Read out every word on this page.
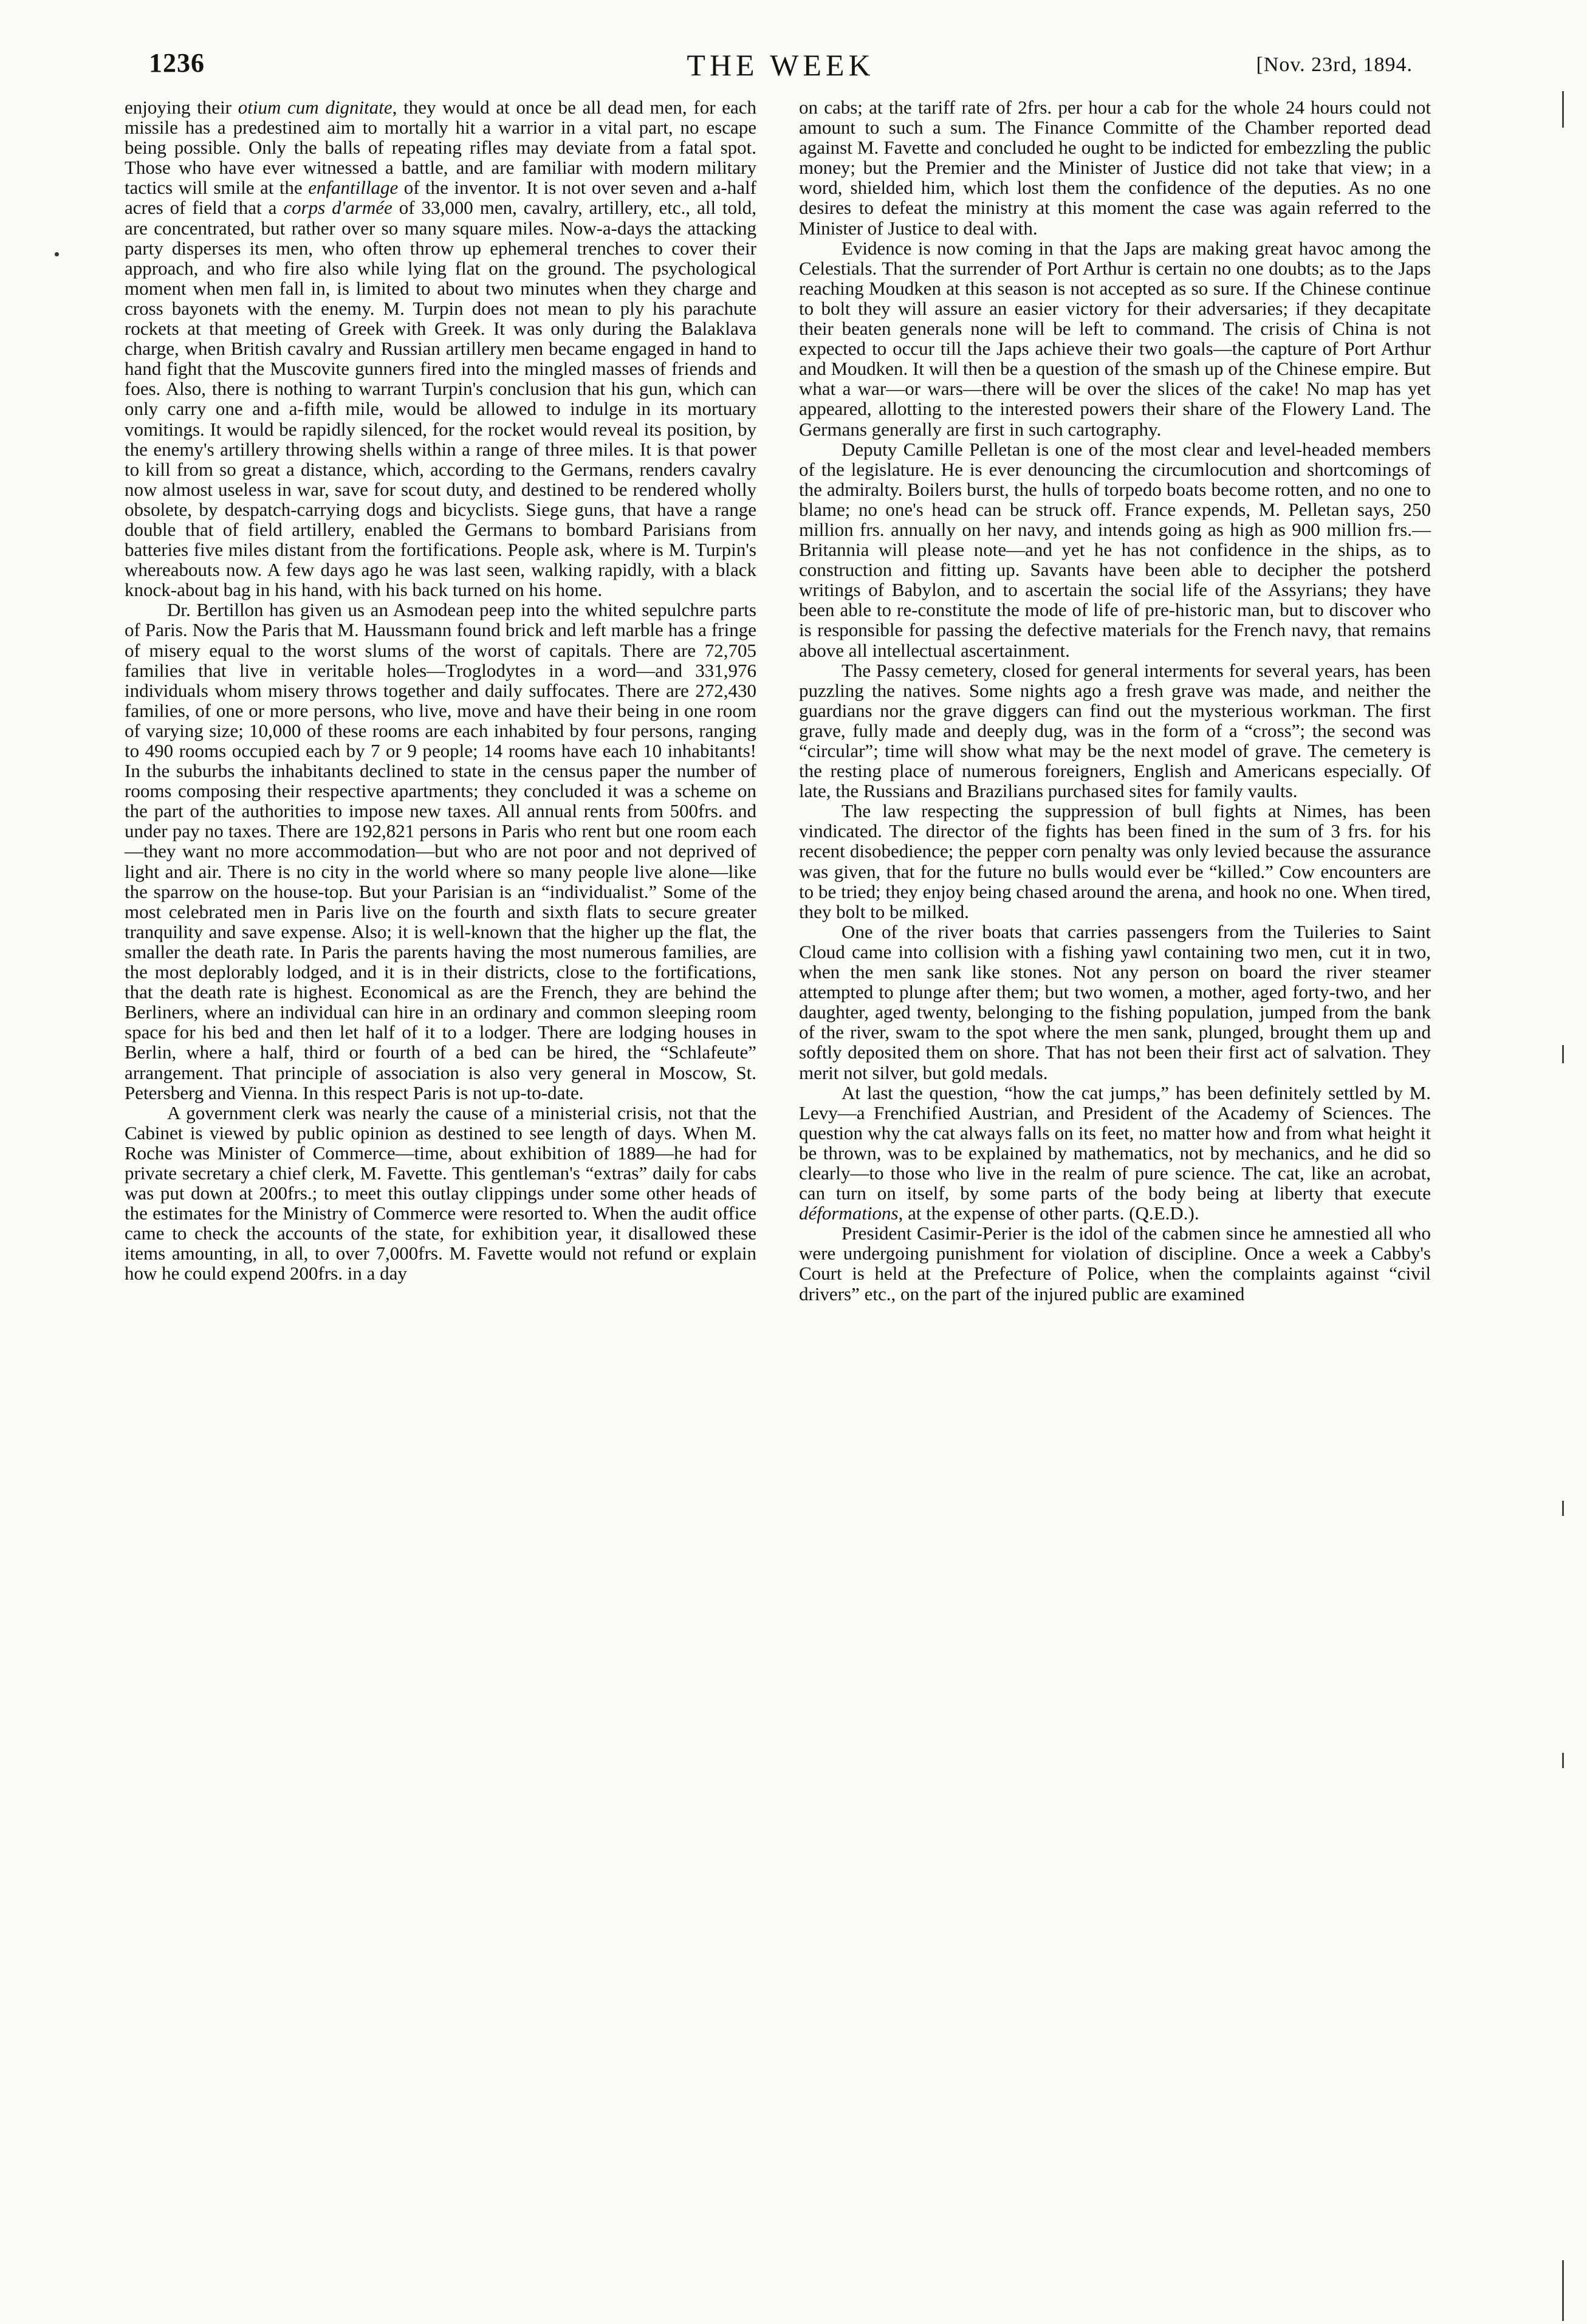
1236	THE WEEK	[Nov. 23rd, 1894.

enjoying their otium cum dignitate, they would at once be all dead men, for each missile has a predestined aim to mortally hit a warrior in a vital part, no escape being possible. Only the balls of repeating rifles may deviate from a fatal spot. Those who have ever witnessed a battle, and are familiar with modern military tactics will smile at the enfantillage of the inventor. It is not over seven and a-half acres of field that a corps d'armée of 33,000 men, cavalry, artillery, etc., all told, are concentrated, but rather over so many square miles. Now-a-days the attacking party disperses its men, who often throw up ephemeral trenches to cover their approach, and who fire also while lying flat on the ground. The psychological moment when men fall in, is limited to about two minutes when they charge and cross bayonets with the enemy. M. Turpin does not mean to ply his parachute rockets at that meeting of Greek with Greek. It was only during the Balaklava charge, when British cavalry and Russian artillery men became engaged in hand to hand fight that the Muscovite gunners fired into the mingled masses of friends and foes. Also, there is nothing to warrant Turpin's conclusion that his gun, which can only carry one and a-fifth mile, would be allowed to indulge in its mortuary vomitings. It would be rapidly silenced, for the rocket would reveal its position, by the enemy's artillery throwing shells within a range of three miles. It is that power to kill from so great a distance, which, according to the Germans, renders cavalry now almost useless in war, save for scout duty, and destined to be rendered wholly obsolete, by despatch-carrying dogs and bicyclists. Siege guns, that have a range double that of field artillery, enabled the Germans to bombard Parisians from batteries five miles distant from the fortifications. People ask, where is M. Turpin's whereabouts now. A few days ago he was last seen, walking rapidly, with a black knock-about bag in his hand, with his back turned on his home.

Dr. Bertillon has given us an Asmodean peep into the whited sepulchre parts of Paris. Now the Paris that M. Haussmann found brick and left marble has a fringe of misery equal to the worst slums of the worst of capitals. There are 72,705 families that live in veritable holes—Troglodytes in a word—and 331,976 individuals whom misery throws together and daily suffocates. There are 272,430 families, of one or more persons, who live, move and have their being in one room of varying size; 10,000 of these rooms are each inhabited by four persons, ranging to 490 rooms occupied each by 7 or 9 people; 14 rooms have each 10 inhabitants! In the suburbs the inhabitants declined to state in the census paper the number of rooms composing their respective apartments; they concluded it was a scheme on the part of the authorities to impose new taxes. All annual rents from 500frs. and under pay no taxes. There are 192,821 persons in Paris who rent but one room each—they want no more accommodation—but who are not poor and not deprived of light and air. There is no city in the world where so many people live alone—like the sparrow on the house-top. But your Parisian is an “individualist.” Some of the most celebrated men in Paris live on the fourth and sixth flats to secure greater tranquility and save expense. Also; it is well-known that the higher up the flat, the smaller the death rate. In Paris the parents having the most numerous families, are the most deplorably lodged, and it is in their districts, close to the fortifications, that the death rate is highest. Economical as are the French, they are behind the Berliners, where an individual can hire in an ordinary and common sleeping room space for his bed and then let half of it to a lodger. There are lodging houses in Berlin, where a half, third or fourth of a bed can be hired, the “Schlafeute” arrangement. That principle of association is also very general in Moscow, St. Petersberg and Vienna. In this respect Paris is not up-to-date.

A government clerk was nearly the cause of a ministerial crisis, not that the Cabinet is viewed by public opinion as destined to see length of days. When M. Roche was Minister of Commerce—time, about exhibition of 1889—he had for private secretary a chief clerk, M. Favette. This gentleman's “extras” daily for cabs was put down at 200frs.; to meet this outlay clippings under some other heads of the estimates for the Ministry of Commerce were resorted to. When the audit office came to check the accounts of the state, for exhibition year, it disallowed these items amounting, in all, to over 7,000frs. M. Favette would not refund or explain how he could expend 200frs. in a day

on cabs; at the tariff rate of 2frs. per hour a cab for the whole 24 hours could not amount to such a sum. The Finance Committe of the Chamber reported dead against M. Favette and concluded he ought to be indicted for embezzling the public money; but the Premier and the Minister of Justice did not take that view; in a word, shielded him, which lost them the confidence of the deputies. As no one desires to defeat the ministry at this moment the case was again referred to the Minister of Justice to deal with.

Evidence is now coming in that the Japs are making great havoc among the Celestials. That the surrender of Port Arthur is certain no one doubts; as to the Japs reaching Moudken at this season is not accepted as so sure. If the Chinese continue to bolt they will assure an easier victory for their adversaries; if they decapitate their beaten generals none will be left to command. The crisis of China is not expected to occur till the Japs achieve their two goals—the capture of Port Arthur and Moudken. It will then be a question of the smash up of the Chinese empire. But what a war—or wars—there will be over the slices of the cake! No map has yet appeared, allotting to the interested powers their share of the Flowery Land. The Germans generally are first in such cartography.

Deputy Camille Pelletan is one of the most clear and level-headed members of the legislature. He is ever denouncing the circumlocution and shortcomings of the admiralty. Boilers burst, the hulls of torpedo boats become rotten, and no one to blame; no one's head can be struck off. France expends, M. Pelletan says, 250 million frs. annually on her navy, and intends going as high as 900 million frs.—Britannia will please note—and yet he has not confidence in the ships, as to construction and fitting up. Savants have been able to decipher the potsherd writings of Babylon, and to ascertain the social life of the Assyrians; they have been able to re-constitute the mode of life of pre-historic man, but to discover who is responsible for passing the defective materials for the French navy, that remains above all intellectual ascertainment.

The Passy cemetery, closed for general interments for several years, has been puzzling the natives. Some nights ago a fresh grave was made, and neither the guardians nor the grave diggers can find out the mysterious workman. The first grave, fully made and deeply dug, was in the form of a “cross”; the second was “circular”; time will show what may be the next model of grave. The cemetery is the resting place of numerous foreigners, English and Americans especially. Of late, the Russians and Brazilians purchased sites for family vaults.

The law respecting the suppression of bull fights at Nimes, has been vindicated. The director of the fights has been fined in the sum of 3 frs. for his recent disobedience; the pepper corn penalty was only levied because the assurance was given, that for the future no bulls would ever be “killed.” Cow encounters are to be tried; they enjoy being chased around the arena, and hook no one. When tired, they bolt to be milked.

One of the river boats that carries passengers from the Tuileries to Saint Cloud came into collision with a fishing yawl containing two men, cut it in two, when the men sank like stones. Not any person on board the river steamer attempted to plunge after them; but two women, a mother, aged forty-two, and her daughter, aged twenty, belonging to the fishing population, jumped from the bank of the river, swam to the spot where the men sank, plunged, brought them up and softly deposited them on shore. That has not been their first act of salvation. They merit not silver, but gold medals.

At last the question, “how the cat jumps,” has been definitely settled by M. Levy—a Frenchified Austrian, and President of the Academy of Sciences. The question why the cat always falls on its feet, no matter how and from what height it be thrown, was to be explained by mathematics, not by mechanics, and he did so clearly—to those who live in the realm of pure science. The cat, like an acrobat, can turn on itself, by some parts of the body being at liberty that execute déformations, at the expense of other parts. (Q.E.D.).

President Casimir-Perier is the idol of the cabmen since he amnestied all who were undergoing punishment for violation of discipline. Once a week a Cabby's Court is held at the Prefecture of Police, when the complaints against “civil drivers” etc., on the part of the injured public are examined
